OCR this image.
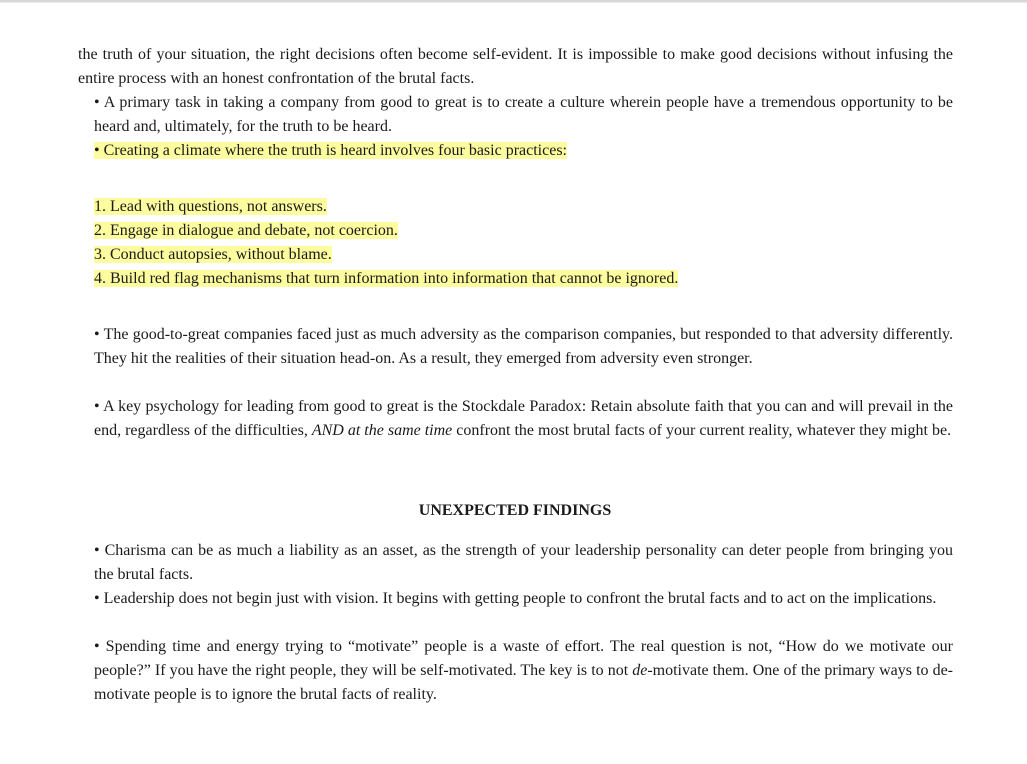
the truth of your situation, the right decisions often become self-evident. It is impossible to make good decisions without infusing the entire process with an honest confrontation of the brutal facts.

• A primary task in taking a company from good to great is to create a culture wherein people have a tremendous opportunity to be heard and, ultimately, for the truth to be heard.

• Creating a climate where the truth is heard involves four basic practices:

1. Lead with questions, not answers.

2. Engage in dialogue and debate, not coercion.

3. Conduct autopsies, without blame.

4. Build red flag mechanisms that turn information into information that cannot be ignored.

• The good-to-great companies faced just as much adversity as the comparison companies, but responded to that adversity differently. They hit the realities of their situation head-on. As a result, they emerged from adversity even stronger.

• A key psychology for leading from good to great is the Stockdale Paradox: Retain absolute faith that you can and will prevail in the end, regardless of the difficulties, AND at the same time confront the most brutal facts of your current reality, whatever they might be.

UNEXPECTED FINDINGS

• Charisma can be as much a liability as an asset, as the strength of your leadership personality can deter people from bringing you the brutal facts.

• Leadership does not begin just with vision. It begins with getting people to confront the brutal facts and to act on the implications.

• Spending time and energy trying to “motivate” people is a waste of effort. The real question is not, “How do we motivate our people?” If you have the right people, they will be self-motivated. The key is to not de-motivate them. One of the primary ways to de-motivate people is to ignore the brutal facts of reality.
